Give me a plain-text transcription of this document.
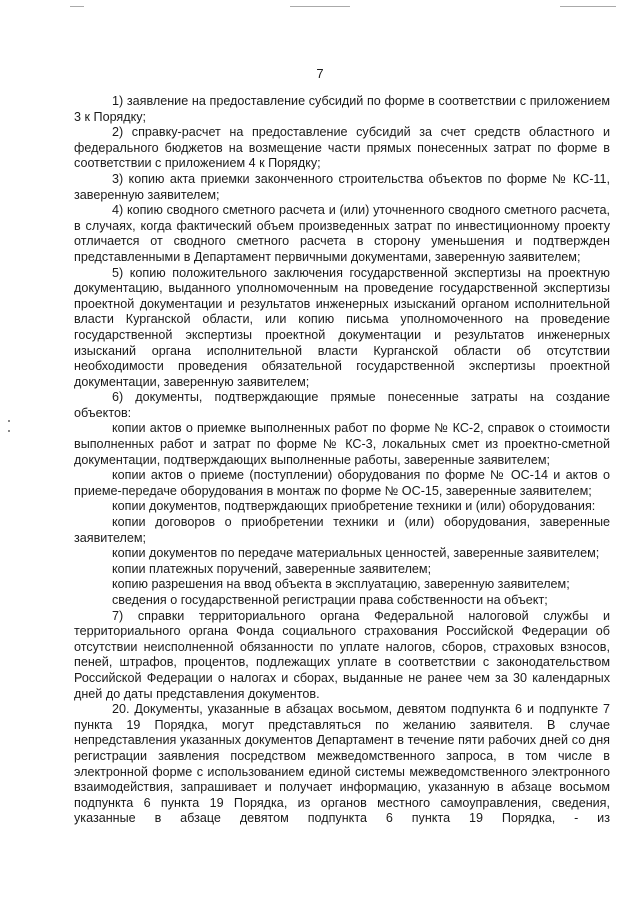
7

1) заявление на предоставление субсидий по форме в соответствии с приложением 3 к Порядку;

2) справку-расчет на предоставление субсидий за счет средств областного и федерального бюджетов на возмещение части прямых понесенных затрат по форме в соответствии с приложением 4 к Порядку;

3) копию акта приемки законченного строительства объектов по форме № КС-11, заверенную заявителем;

4) копию сводного сметного расчета и (или) уточненного сводного сметного расчета, в случаях, когда фактический объем произведенных затрат по инвестиционному проекту отличается от сводного сметного расчета в сторону уменьшения и подтвержден представленными в Департамент первичными документами, заверенную заявителем;

5) копию положительного заключения государственной экспертизы на проектную документацию, выданного уполномоченным на проведение государственной экспертизы проектной документации и результатов инженерных изысканий органом исполнительной власти Курганской области, или копию письма уполномоченного на проведение государственной экспертизы проектной документации и результатов инженерных изысканий органа исполнительной власти Курганской области об отсутствии необходимости проведения обязательной государственной экспертизы проектной документации, заверенную заявителем;

6) документы, подтверждающие прямые понесенные затраты на создание объектов:

копии актов о приемке выполненных работ по форме № КС-2, справок о стоимости выполненных работ и затрат по форме № КС-3, локальных смет из проектно-сметной документации, подтверждающих выполненные работы, заверенные заявителем;

копии актов о приеме (поступлении) оборудования по форме № ОС-14 и актов о приеме-передаче оборудования в монтаж по форме № ОС-15, заверенные заявителем;

копии документов, подтверждающих приобретение техники и (или) оборудования:

копии договоров о приобретении техники и (или) оборудования, заверенные заявителем;

копии документов по передаче материальных ценностей, заверенные заявителем;

копии платежных поручений, заверенные заявителем;

копию разрешения на ввод объекта в эксплуатацию, заверенную заявителем;

сведения о государственной регистрации права собственности на объект;

7) справки территориального органа Федеральной налоговой службы и территориального органа Фонда социального страхования Российской Федерации об отсутствии неисполненной обязанности по уплате налогов, сборов, страховых взносов, пеней, штрафов, процентов, подлежащих уплате в соответствии с законодательством Российской Федерации о налогах и сборах, выданные не ранее чем за 30 календарных дней до даты представления документов.

20. Документы, указанные в абзацах восьмом, девятом подпункта 6 и подпункте 7 пункта 19 Порядка, могут представляться по желанию заявителя. В случае непредставления указанных документов Департамент в течение пяти рабочих дней со дня регистрации заявления посредством межведомственного запроса, в том числе в электронной форме с использованием единой системы межведомственного электронного взаимодействия, запрашивает и получает информацию, указанную в абзаце восьмом подпункта 6 пункта 19 Порядка, из органов местного самоуправления, сведения, указанные в абзаце девятом подпункта 6 пункта 19 Порядка, - из
